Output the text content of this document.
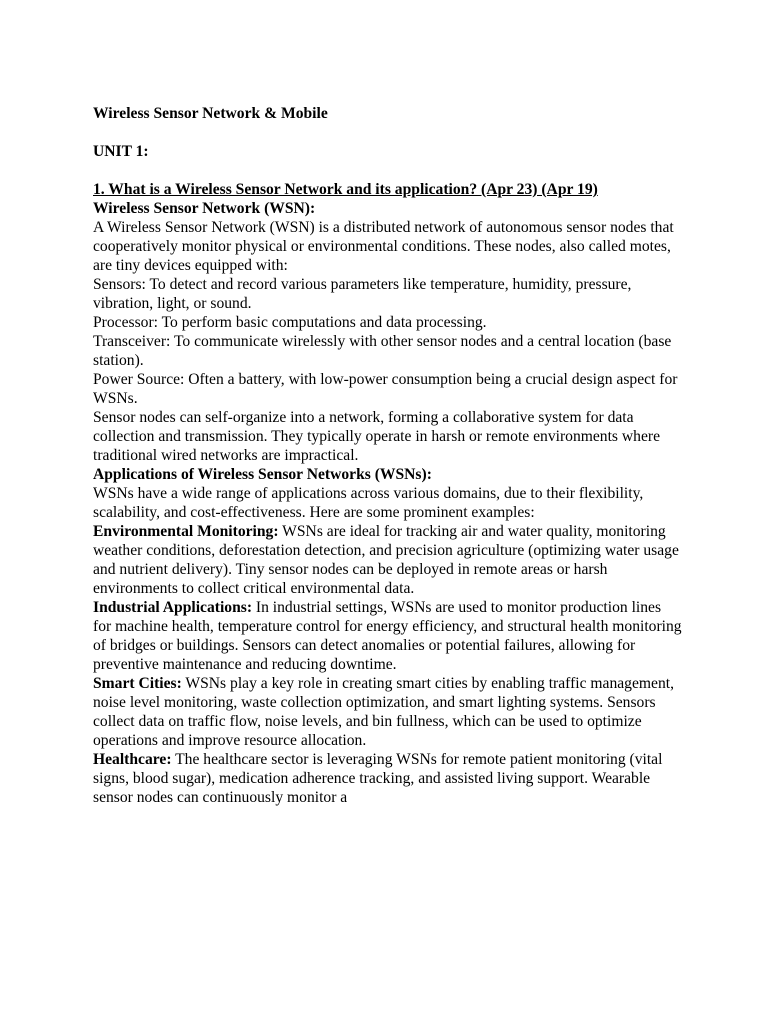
Wireless Sensor Network & Mobile

UNIT 1:

1. What is a Wireless Sensor Network and its application? (Apr 23) (Apr 19)

Wireless Sensor Network (WSN):

A Wireless Sensor Network (WSN) is a distributed network of autonomous sensor nodes that cooperatively monitor physical or environmental conditions. These nodes, also called motes, are tiny devices equipped with:

Sensors: To detect and record various parameters like temperature, humidity, pressure, vibration, light, or sound.

Processor: To perform basic computations and data processing.

Transceiver: To communicate wirelessly with other sensor nodes and a central location (base station).

Power Source: Often a battery, with low-power consumption being a crucial design aspect for WSNs.

Sensor nodes can self-organize into a network, forming a collaborative system for data collection and transmission. They typically operate in harsh or remote environments where traditional wired networks are impractical.

Applications of Wireless Sensor Networks (WSNs):

WSNs have a wide range of applications across various domains, due to their flexibility, scalability, and cost-effectiveness. Here are some prominent examples:

Environmental Monitoring: WSNs are ideal for tracking air and water quality, monitoring weather conditions, deforestation detection, and precision agriculture (optimizing water usage and nutrient delivery). Tiny sensor nodes can be deployed in remote areas or harsh environments to collect critical environmental data.

Industrial Applications: In industrial settings, WSNs are used to monitor production lines for machine health, temperature control for energy efficiency, and structural health monitoring of bridges or buildings. Sensors can detect anomalies or potential failures, allowing for preventive maintenance and reducing downtime.

Smart Cities: WSNs play a key role in creating smart cities by enabling traffic management, noise level monitoring, waste collection optimization, and smart lighting systems. Sensors collect data on traffic flow, noise levels, and bin fullness, which can be used to optimize operations and improve resource allocation.

Healthcare: The healthcare sector is leveraging WSNs for remote patient monitoring (vital signs, blood sugar), medication adherence tracking, and assisted living support. Wearable sensor nodes can continuously monitor a
